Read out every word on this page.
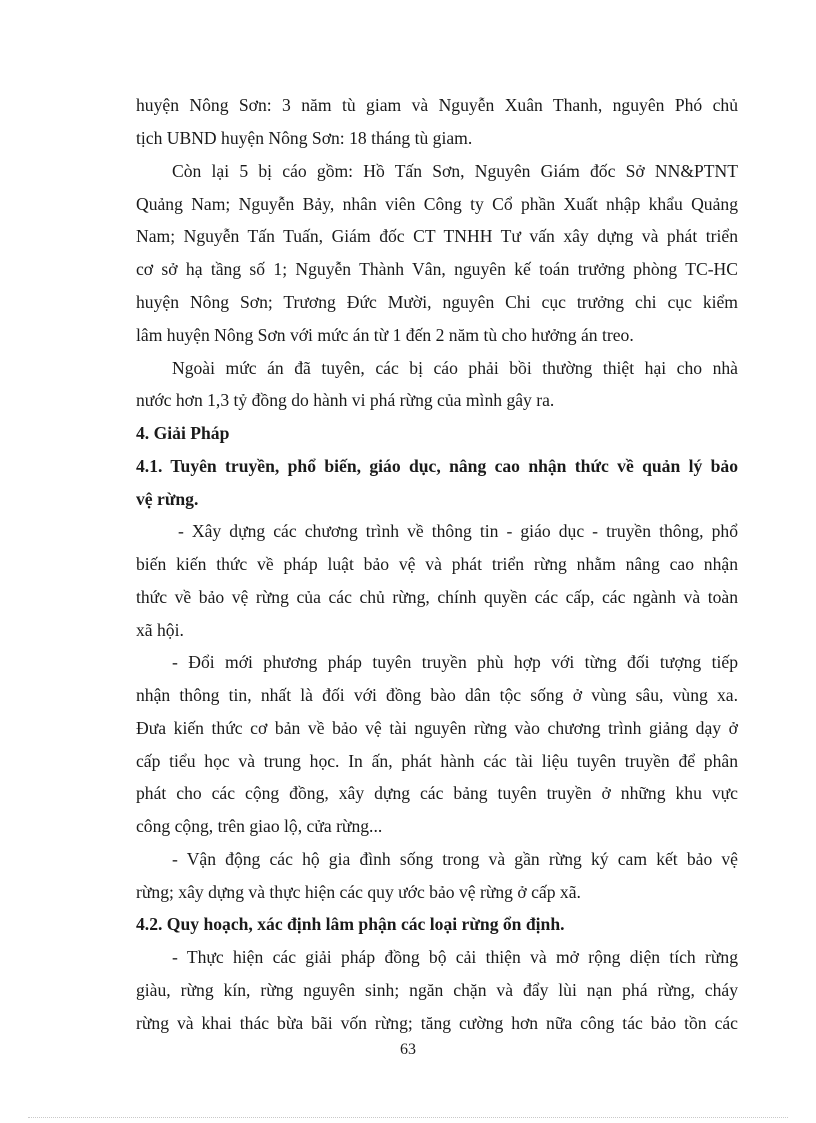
huyện Nông Sơn: 3 năm tù giam và Nguyễn Xuân Thanh, nguyên Phó chủ
tịch UBND huyện Nông Sơn: 18 tháng tù giam.
Còn lại 5 bị cáo gồm: Hồ Tấn Sơn, Nguyên Giám đốc Sở NN&PTNT
Quảng Nam; Nguyễn Bảy, nhân viên Công ty Cổ phần Xuất nhập khẩu Quảng
Nam; Nguyễn Tấn Tuấn, Giám đốc CT TNHH Tư vấn xây dựng và phát triển
cơ sở hạ tầng số 1; Nguyễn Thành Vân, nguyên kế toán trưởng phòng TC-HC
huyện Nông Sơn; Trương Đức Mười, nguyên Chi cục trưởng chi cục kiểm
lâm huyện Nông Sơn với mức án từ 1 đến 2 năm tù cho hưởng án treo.
Ngoài mức án đã tuyên, các bị cáo phải bồi thường thiệt hại cho nhà
nước hơn 1,3 tỷ đồng do hành vi phá rừng của mình gây ra.
4. Giải Pháp
4.1. Tuyên truyền, phổ biến, giáo dục, nâng cao nhận thức về quản lý bảo
vệ rừng.
- Xây dựng các chương trình về thông tin - giáo dục - truyền thông, phổ
biến kiến thức về pháp luật bảo vệ và phát triển rừng nhằm nâng cao nhận
thức về bảo vệ rừng của các chủ rừng, chính quyền các cấp, các ngành và toàn
xã hội.
- Đổi mới phương pháp tuyên truyền phù hợp với từng đối tượng tiếp
nhận thông tin, nhất là đối với đồng bào dân tộc sống ở vùng sâu, vùng xa.
Đưa kiến thức cơ bản về bảo vệ tài nguyên rừng vào chương trình giảng dạy ở
cấp tiểu học và trung học. In ấn, phát hành các tài liệu tuyên truyền để phân
phát cho các cộng đồng, xây dựng các bảng tuyên truyền ở những khu vực
công cộng, trên giao lộ, cửa rừng...
- Vận động các hộ gia đình sống trong và gần rừng ký cam kết bảo vệ
rừng; xây dựng và thực hiện các quy ước bảo vệ rừng ở cấp xã.
4.2. Quy hoạch, xác định lâm phận các loại rừng ổn định.
- Thực hiện các giải pháp đồng bộ cải thiện và mở rộng diện tích rừng
giàu, rừng kín, rừng nguyên sinh; ngăn chặn và đẩy lùi nạn phá rừng, cháy
rừng và khai thác bừa bãi vốn rừng; tăng cường hơn nữa công tác bảo tồn các
63
